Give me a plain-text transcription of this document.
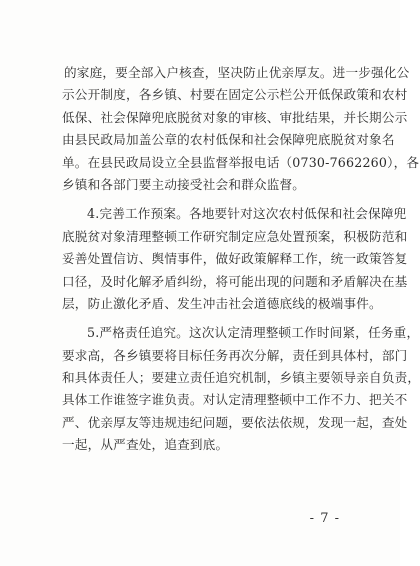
的家庭，要全部入户核查，坚决防止优亲厚友。进一步强化公
示公开制度，各乡镇、村要在固定公示栏公开低保政策和农村
低保、社会保障兜底脱贫对象的审核、审批结果，并长期公示
由县民政局加盖公章的农村低保和社会保障兜底脱贫对象名
单。在县民政局设立全县监督举报电话（0730-7662260），各
乡镇和各部门要主动接受社会和群众监督。
4.完善工作预案。各地要针对这次农村低保和社会保障兜
底脱贫对象清理整顿工作研究制定应急处置预案，积极防范和
妥善处置信访、舆情事件，做好政策解释工作，统一政策答复
口径，及时化解矛盾纠纷，将可能出现的问题和矛盾解决在基
层，防止激化矛盾、发生冲击社会道德底线的极端事件。
5.严格责任追究。这次认定清理整顿工作时间紧，任务重，
要求高，各乡镇要将目标任务再次分解，责任到具体村，部门
和具体责任人；要建立责任追究机制，乡镇主要领导亲自负责，
具体工作谁签字谁负责。对认定清理整顿中工作不力、把关不
严、优亲厚友等违规违纪问题，要依法依规，发现一起，查处
一起，从严查处，追查到底。
- 7 -
